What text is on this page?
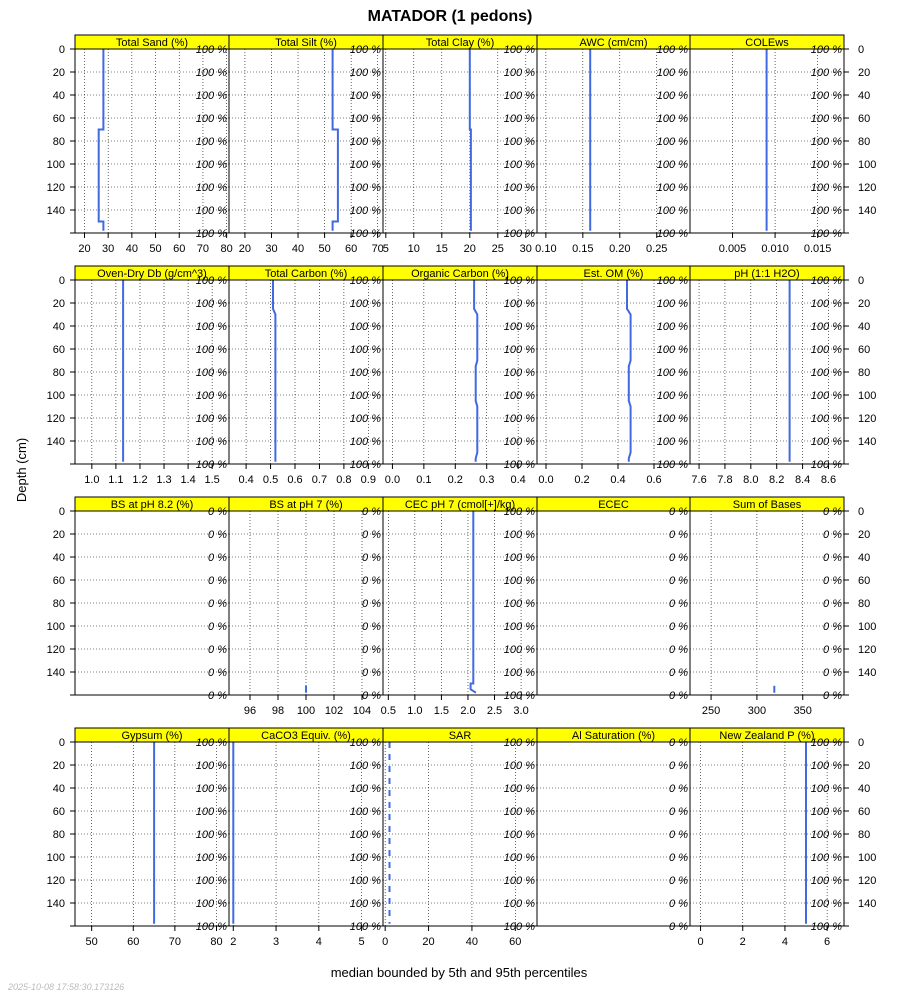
MATADOR (1 pedons)
Depth (cm)
median bounded by 5th and 95th percentiles
2025-10-08 17:58:30.173126
Total Sand (%)
100 %
100 %
100 %
100 %
100 %
100 %
100 %
100 %
100 %
20 30 40 50 60 70 80
0
20
40
60
80
100
120
140
Total Silt (%)
100 %
100 %
100 %
100 %
100 %
100 %
100 %
100 %
100 %
20 30 40 50 60 70
Total Clay (%)
100 %
100 %
100 %
100 %
100 %
100 %
100 %
100 %
100 %
5 10 15 20 25 30
AWC (cm/cm)
100 %
100 %
100 %
100 %
100 %
100 %
100 %
100 %
100 %
0.10 0.15 0.20 0.25
COLEws
100 %
100 %
100 %
100 %
100 %
100 %
100 %
100 %
100 %
0.005 0.010 0.015
0
20
40
60
80
100
120
140
Oven-Dry Db (g/cm^3)
100 %
100 %
100 %
100 %
100 %
100 %
100 %
100 %
100 %
1.0 1.1 1.2 1.3 1.4 1.5
0
20
40
60
80
100
120
140
Total Carbon (%)
100 %
100 %
100 %
100 %
100 %
100 %
100 %
100 %
100 %
0.4 0.5 0.6 0.7 0.8 0.9
Organic Carbon (%)
100 %
100 %
100 %
100 %
100 %
100 %
100 %
100 %
100 %
0.0 0.1 0.2 0.3 0.4
Est. OM (%)
100 %
100 %
100 %
100 %
100 %
100 %
100 %
100 %
100 %
0.0 0.2 0.4 0.6
pH (1:1 H2O)
100 %
100 %
100 %
100 %
100 %
100 %
100 %
100 %
100 %
7.6 7.8 8.0 8.2 8.4 8.6
0
20
40
60
80
100
120
140
BS at pH 8.2 (%)
0 %
0 %
0 %
0 %
0 %
0 %
0 %
0 %
0 %
0
20
40
60
80
100
120
140
BS at pH 7 (%)
0 %
0 %
0 %
0 %
0 %
0 %
0 %
0 %
0 %
96 98 100 102 104
CEC pH 7 (cmol[+]/kg)
100 %
100 %
100 %
100 %
100 %
100 %
100 %
100 %
100 %
0.5 1.0 1.5 2.0 2.5 3.0
ECEC
0 %
0 %
0 %
0 %
0 %
0 %
0 %
0 %
0 %
Sum of Bases
0 %
0 %
0 %
0 %
0 %
0 %
0 %
0 %
0 %
250 300 350
0
20
40
60
80
100
120
140
Gypsum (%)
100 %
100 %
100 %
100 %
100 %
100 %
100 %
100 %
100 %
50	60	70	80
0
20
40
60
80
100
120
140
CaCO3 Equiv. (%)
100 %
100 %
100 %
100 %
100 %
100 %
100 %
100 %
100 %
2	3	4	5
SAR
100 %
100 %
100 %
100 %
100 %
100 %
100 %
100 %
100 %
0	20	40	60
Al Saturation (%)
0 %
0 %
0 %
0 %
0 %
0 %
0 %
0 %
0 %
New Zealand P (%)
100 %
100 %
100 %
100 %
100 %
100 %
100 %
100 %
100 %
0	2	4	6
0
20
40
60
80
100
120
140
